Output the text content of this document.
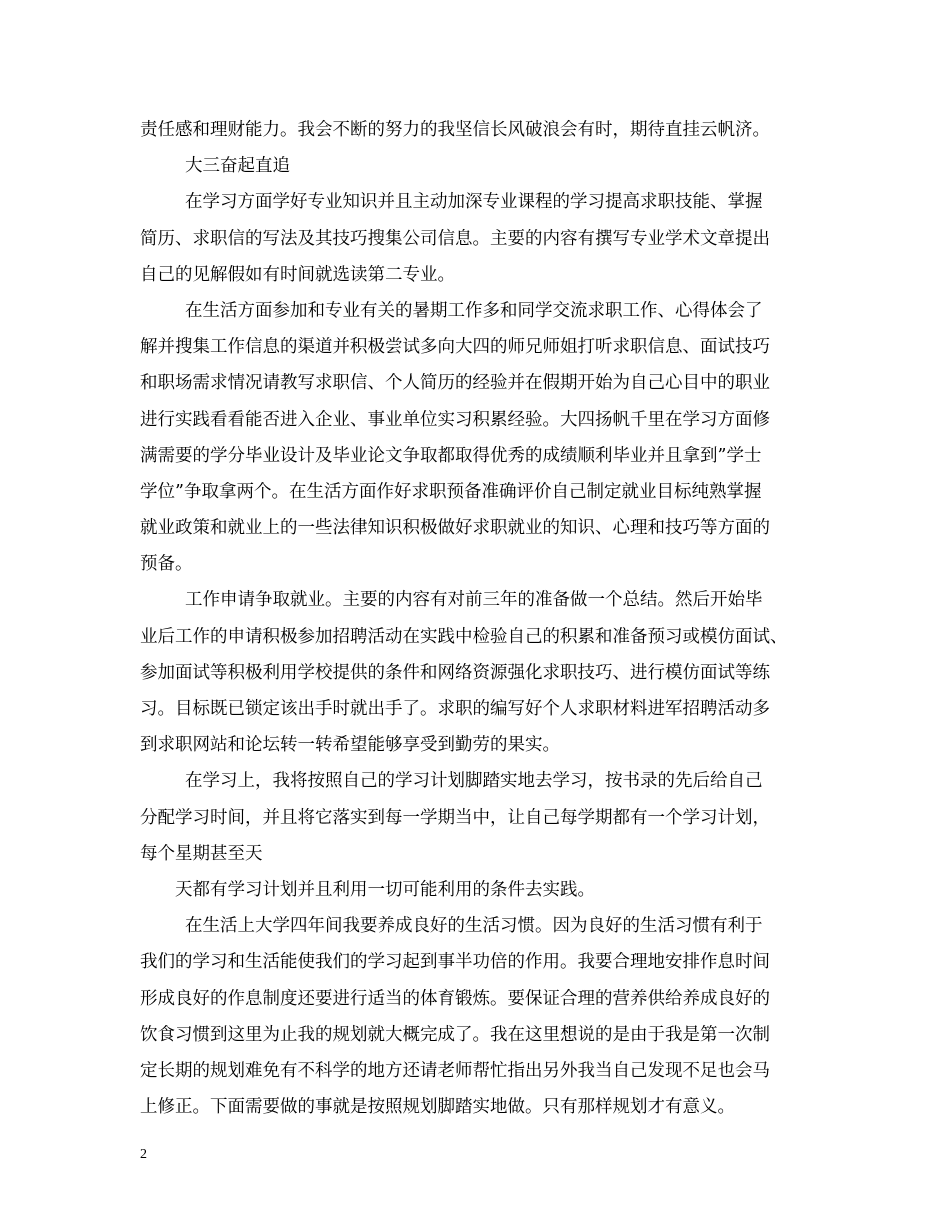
责任感和理财能力。我会不断的努力的我坚信长风破浪会有时，期待直挂云帆济。
大三奋起直追
在学习方面学好专业知识并且主动加深专业课程的学习提高求职技能、掌握
简历、求职信的写法及其技巧搜集公司信息。主要的内容有撰写专业学术文章提出
自己的见解假如有时间就选读第二专业。
在生活方面参加和专业有关的暑期工作多和同学交流求职工作、心得体会了
解并搜集工作信息的渠道并积极尝试多向大四的师兄师姐打听求职信息、面试技巧
和职场需求情况请教写求职信、个人简历的经验并在假期开始为自己心目中的职业
进行实践看看能否进入企业、事业单位实习积累经验。大四扬帆千里在学习方面修
满需要的学分毕业设计及毕业论文争取都取得优秀的成绩顺利毕业并且拿到”学士
学位”争取拿两个。在生活方面作好求职预备准确评价自己制定就业目标纯熟掌握
就业政策和就业上的一些法律知识积极做好求职就业的知识、心理和技巧等方面的
预备。
工作申请争取就业。主要的内容有对前三年的准备做一个总结。然后开始毕
业后工作的申请积极参加招聘活动在实践中检验自己的积累和准备预习或模仿面试、
参加面试等积极利用学校提供的条件和网络资源强化求职技巧、进行模仿面试等练
习。目标既已锁定该出手时就出手了。求职的编写好个人求职材料进军招聘活动多
到求职网站和论坛转一转希望能够享受到勤劳的果实。
在学习上，我将按照自己的学习计划脚踏实地去学习，按书录的先后给自己
分配学习时间，并且将它落实到每一学期当中，让自己每学期都有一个学习计划，
每个星期甚至天
天都有学习计划并且利用一切可能利用的条件去实践。
在生活上大学四年间我要养成良好的生活习惯。因为良好的生活习惯有利于
我们的学习和生活能使我们的学习起到事半功倍的作用。我要合理地安排作息时间
形成良好的作息制度还要进行适当的体育锻炼。要保证合理的营养供给养成良好的
饮食习惯到这里为止我的规划就大概完成了。我在这里想说的是由于我是第一次制
定长期的规划难免有不科学的地方还请老师帮忙指出另外我当自己发现不足也会马
上修正。下面需要做的事就是按照规划脚踏实地做。只有那样规划才有意义。
2
